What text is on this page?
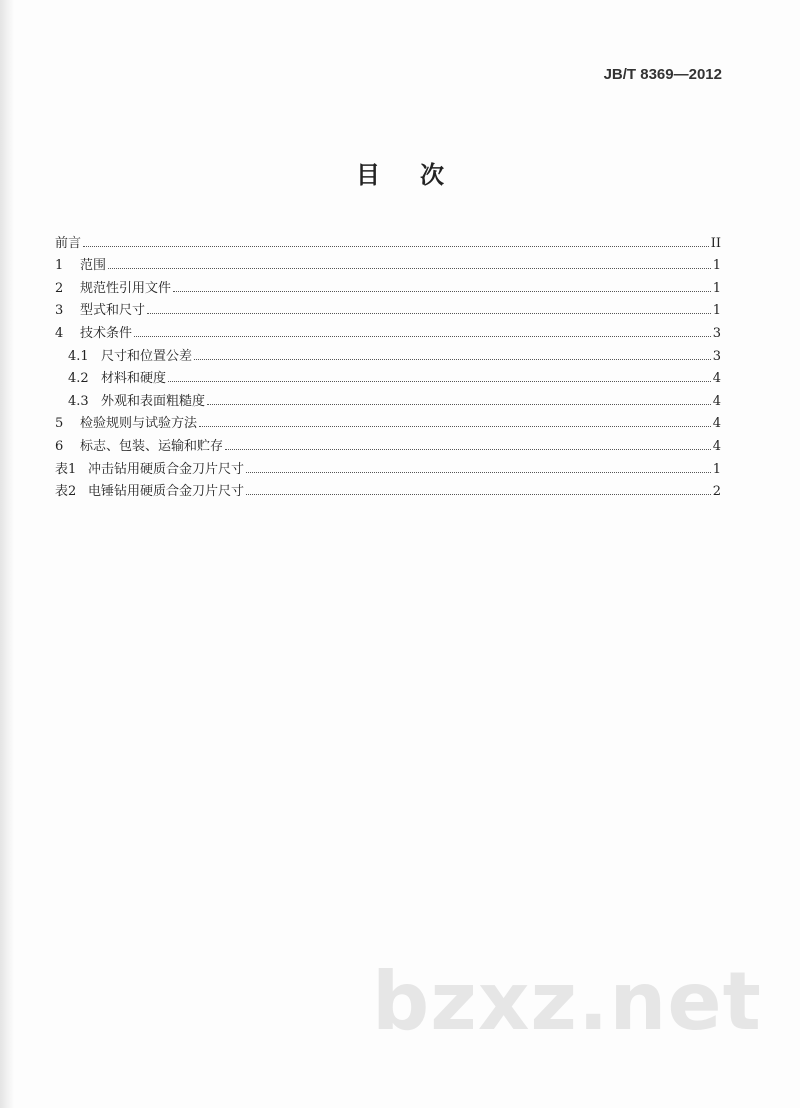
JB/T 8369—2012
目次
前言	II
1	范围	1
2	规范性引用文件	1
3	型式和尺寸	1
4	技术条件	3
4.1 尺寸和位置公差	3
4.2 材料和硬度	4
4.3 外观和表面粗糙度	4
5	检验规则与试验方法	4
6	标志、包装、运输和贮存	4
表1 冲击钻用硬质合金刀片尺寸	1
表2 电锤钻用硬质合金刀片尺寸	2
bzxz.net
